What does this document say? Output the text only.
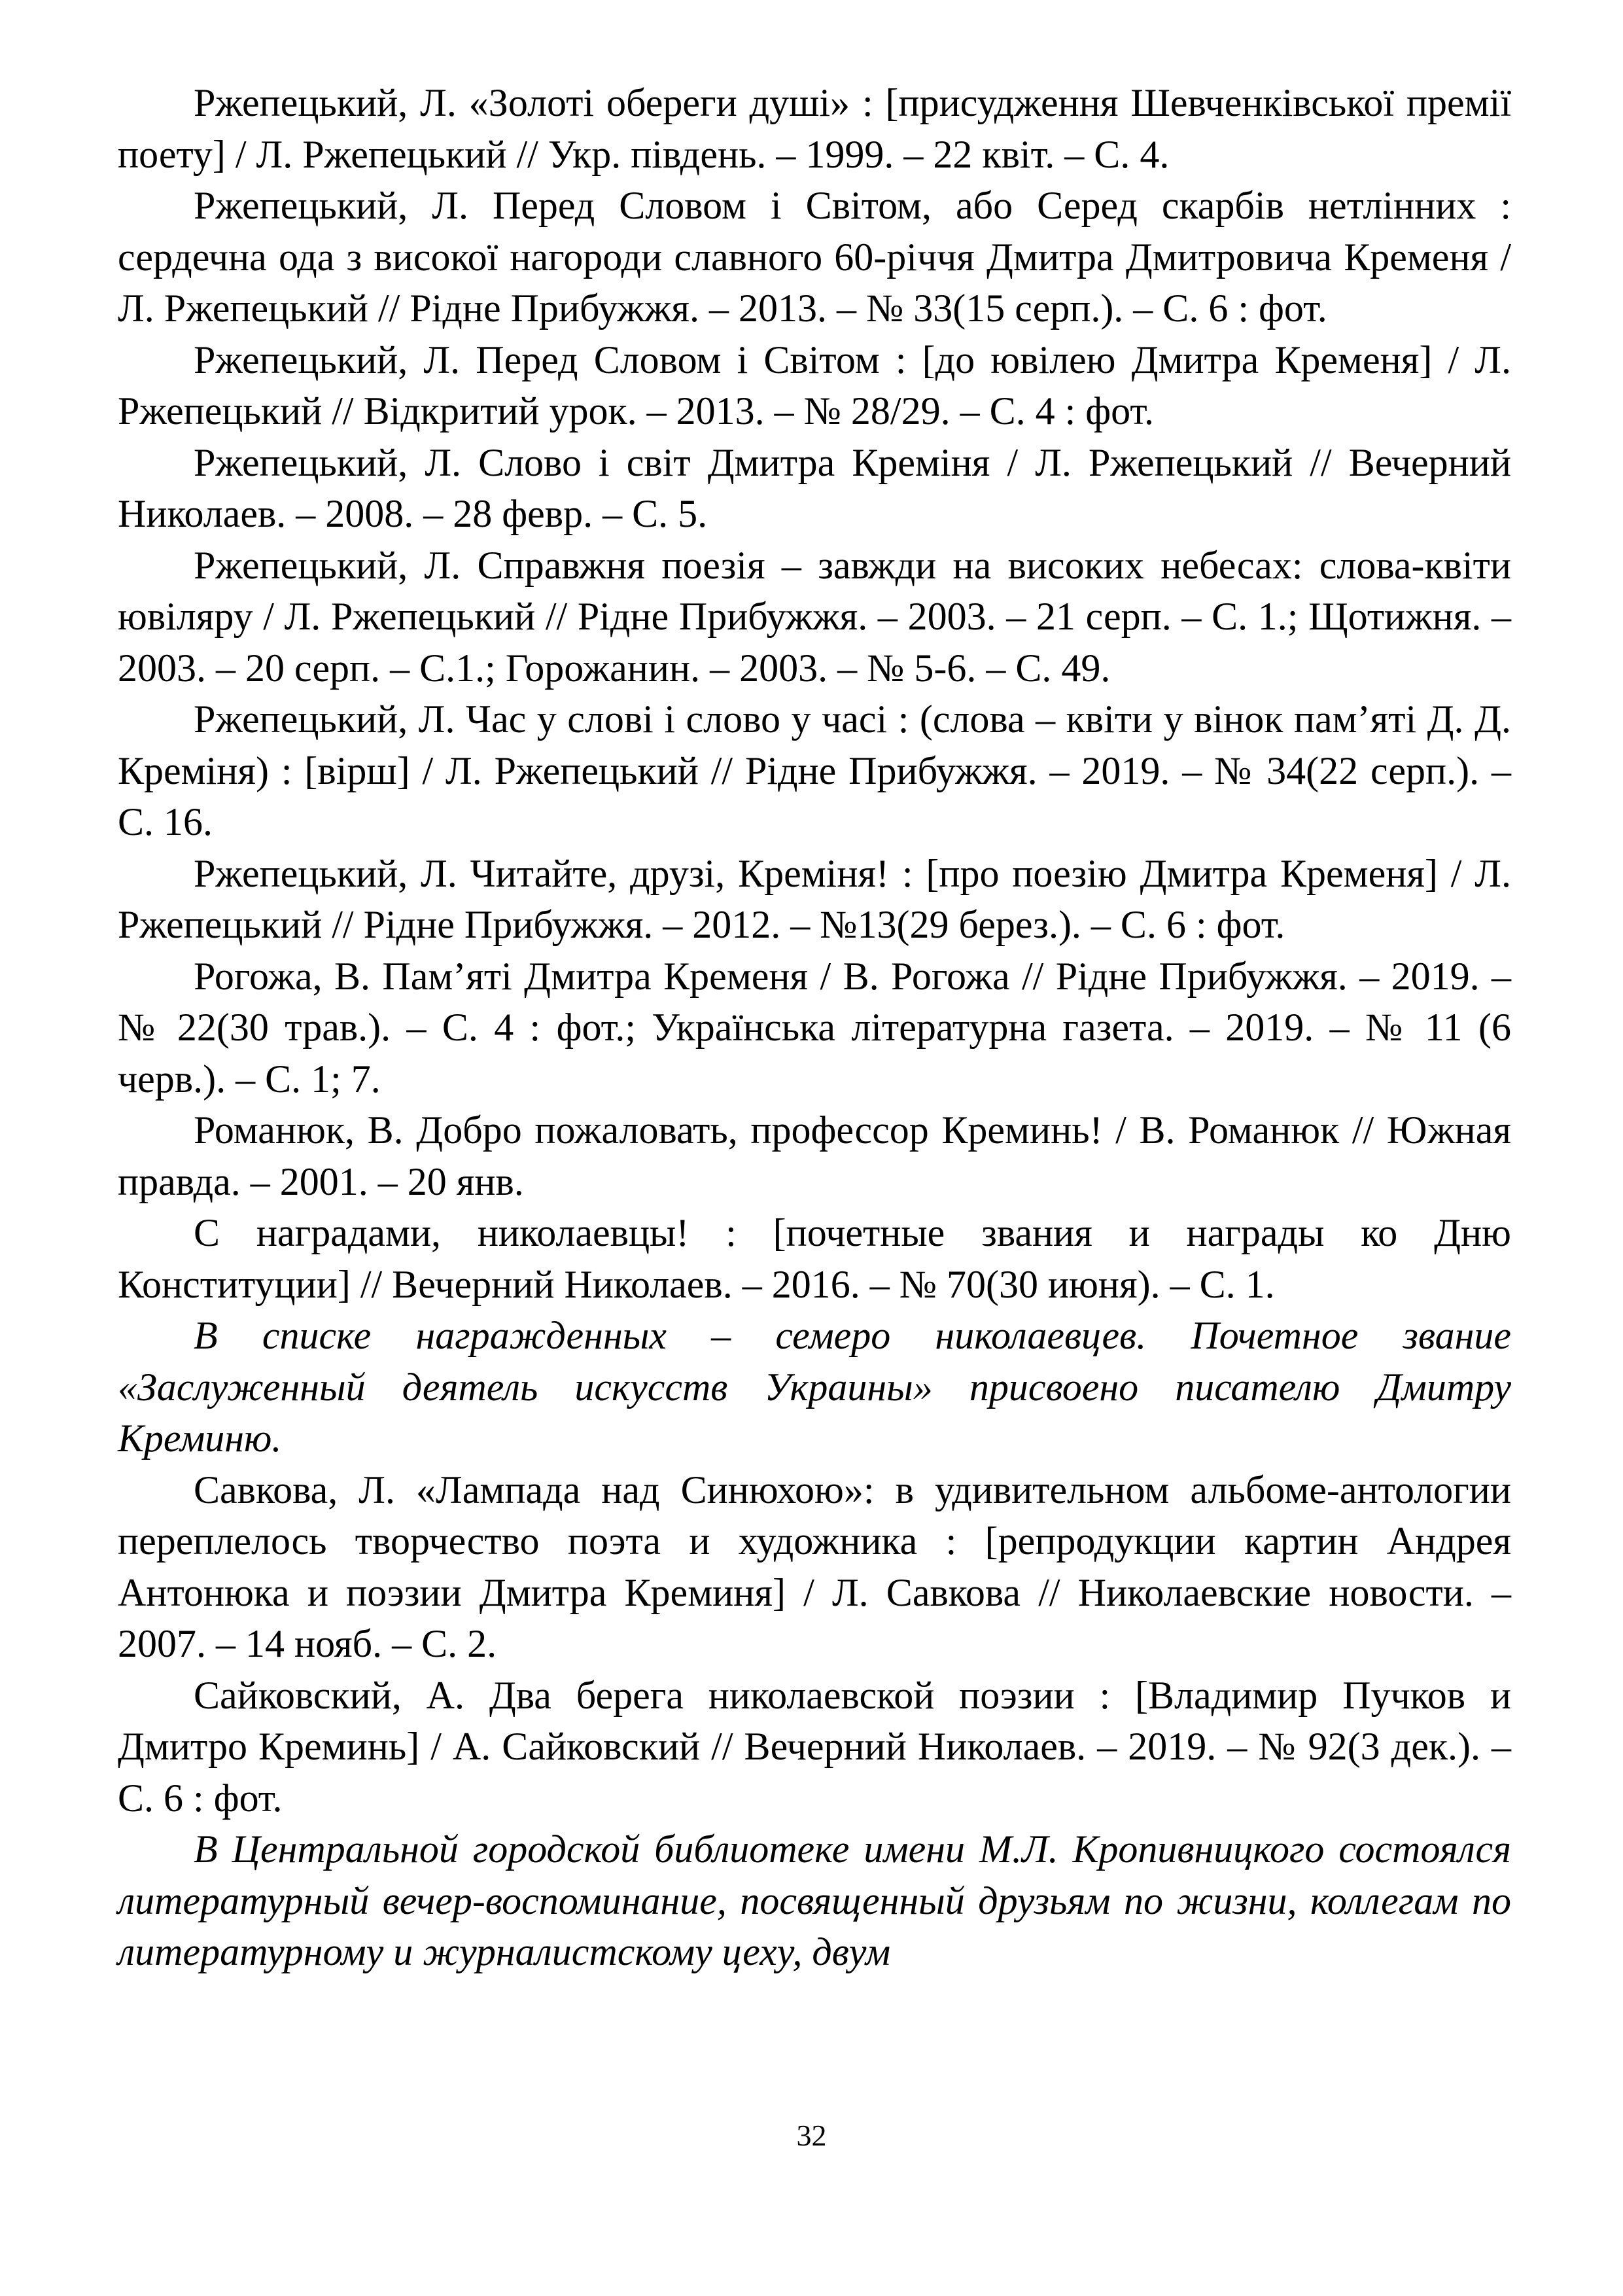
Ржепецький, Л. «Золоті обереги душі» : [присудження Шевченківської премії поету] / Л. Ржепецький // Укр. південь. – 1999. – 22 квіт. – С. 4.

Ржепецький, Л. Перед Словом і Світом, або Серед скарбів нетлінних : сердечна ода з високої нагороди славного 60-річчя Дмитра Дмитровича Кременя / Л. Ржепецький // Рідне Прибужжя. – 2013. – № 33(15 серп.). – С. 6 : фот.

Ржепецький, Л. Перед Словом і Світом : [до ювілею Дмитра Кременя] / Л. Ржепецький // Відкритий урок. – 2013. – № 28/29. – С. 4 : фот.

Ржепецький, Л. Слово і світ Дмитра Креміня / Л. Ржепецький // Вечерний Николаев. – 2008. – 28 февр. – С. 5.

Ржепецький, Л. Справжня поезія – завжди на високих небесах: слова-квіти ювіляру / Л. Ржепецький // Рідне Прибужжя. – 2003. – 21 серп. – С. 1.; Щотижня. – 2003. – 20 серп. – С.1.; Горожанин. – 2003. – № 5-6. – С. 49.

Ржепецький, Л. Час у слові і слово у часі : (слова – квіти у вінок пам’яті Д. Д. Креміня) : [вірш] / Л. Ржепецький // Рідне Прибужжя. – 2019. – № 34(22 серп.). – С. 16.

Ржепецький, Л. Читайте, друзі, Креміня! : [про поезію Дмитра Кременя] / Л. Ржепецький // Рідне Прибужжя. – 2012. – №13(29 берез.). – С. 6 : фот.

Рогожа, В. Пам’яті Дмитра Кременя / В. Рогожа // Рідне Прибужжя. – 2019. – № 22(30 трав.). – С. 4 : фот.; Українська літературна газета. – 2019. – № 11 (6 черв.). – С. 1; 7.

Романюк, В. Добро пожаловать, профессор Креминь! / В. Романюк // Южная правда. – 2001. – 20 янв.

С наградами, николаевцы! : [почетные звания и награды ко Дню Конституции] // Вечерний Николаев. – 2016. – № 70(30 июня). – С. 1.

В списке награжденных – семеро николаевцев. Почетное звание «Заслуженный деятель искусств Украины» присвоено писателю Дмитру Креминю.

Савкова, Л. «Лампада над Синюхою»: в удивительном альбоме-антологии переплелось творчество поэта и художника : [репродукции картин Андрея Антонюка и поэзии Дмитра Креминя] / Л. Савкова // Николаевские новости. – 2007. – 14 нояб. – С. 2.

Сайковский, А. Два берега николаевской поэзии : [Владимир Пучков и Дмитро Креминь] / А. Сайковский // Вечерний Николаев. – 2019. – № 92(3 дек.). – С. 6 : фот.

В Центральной городской библиотеке имени М.Л. Кропивницкого состоялся литературный вечер-воспоминание, посвященный друзьям по жизни, коллегам по литературному и журналистскому цеху, двум

32
